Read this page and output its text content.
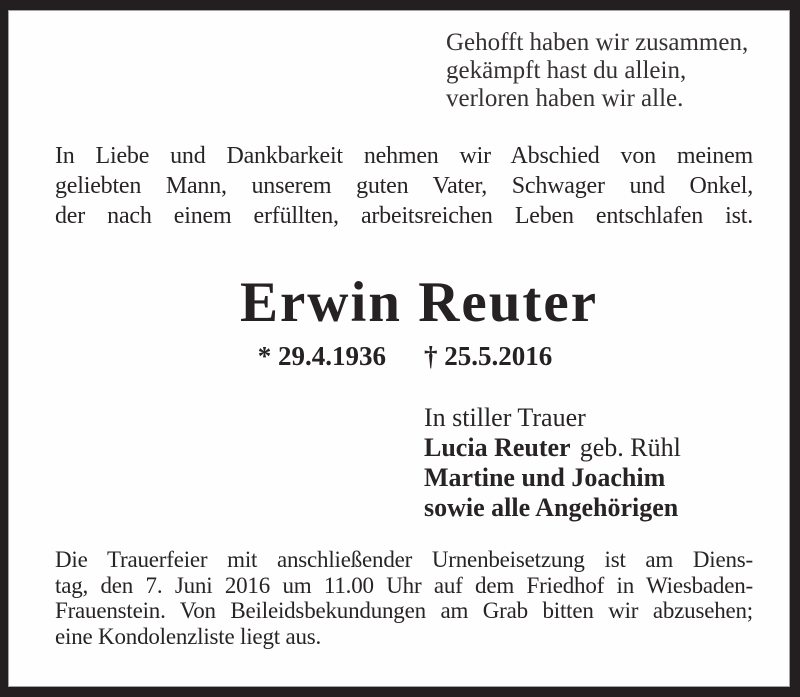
Gehofft haben wir zusammen,
gekämpft hast du allein,
verloren haben wir alle.
In Liebe und Dankbarkeit nehmen wir Abschied von meinem
geliebten Mann, unserem guten Vater, Schwager und Onkel,
der nach einem erfüllten, arbeitsreichen Leben entschlafen ist.
Erwin Reuter
* 29.4.1936 † 25.5.2016
In stiller Trauer
Lucia Reuter geb. Rühl
Martine und Joachim
sowie alle Angehörigen
Die Trauerfeier mit anschließender Urnenbeisetzung ist am Diens-
tag, den 7. Juni 2016 um 11.00 Uhr auf dem Friedhof in Wiesbaden-
Frauenstein. Von Beileidsbekundungen am Grab bitten wir abzusehen;
eine Kondolenzliste liegt aus.
